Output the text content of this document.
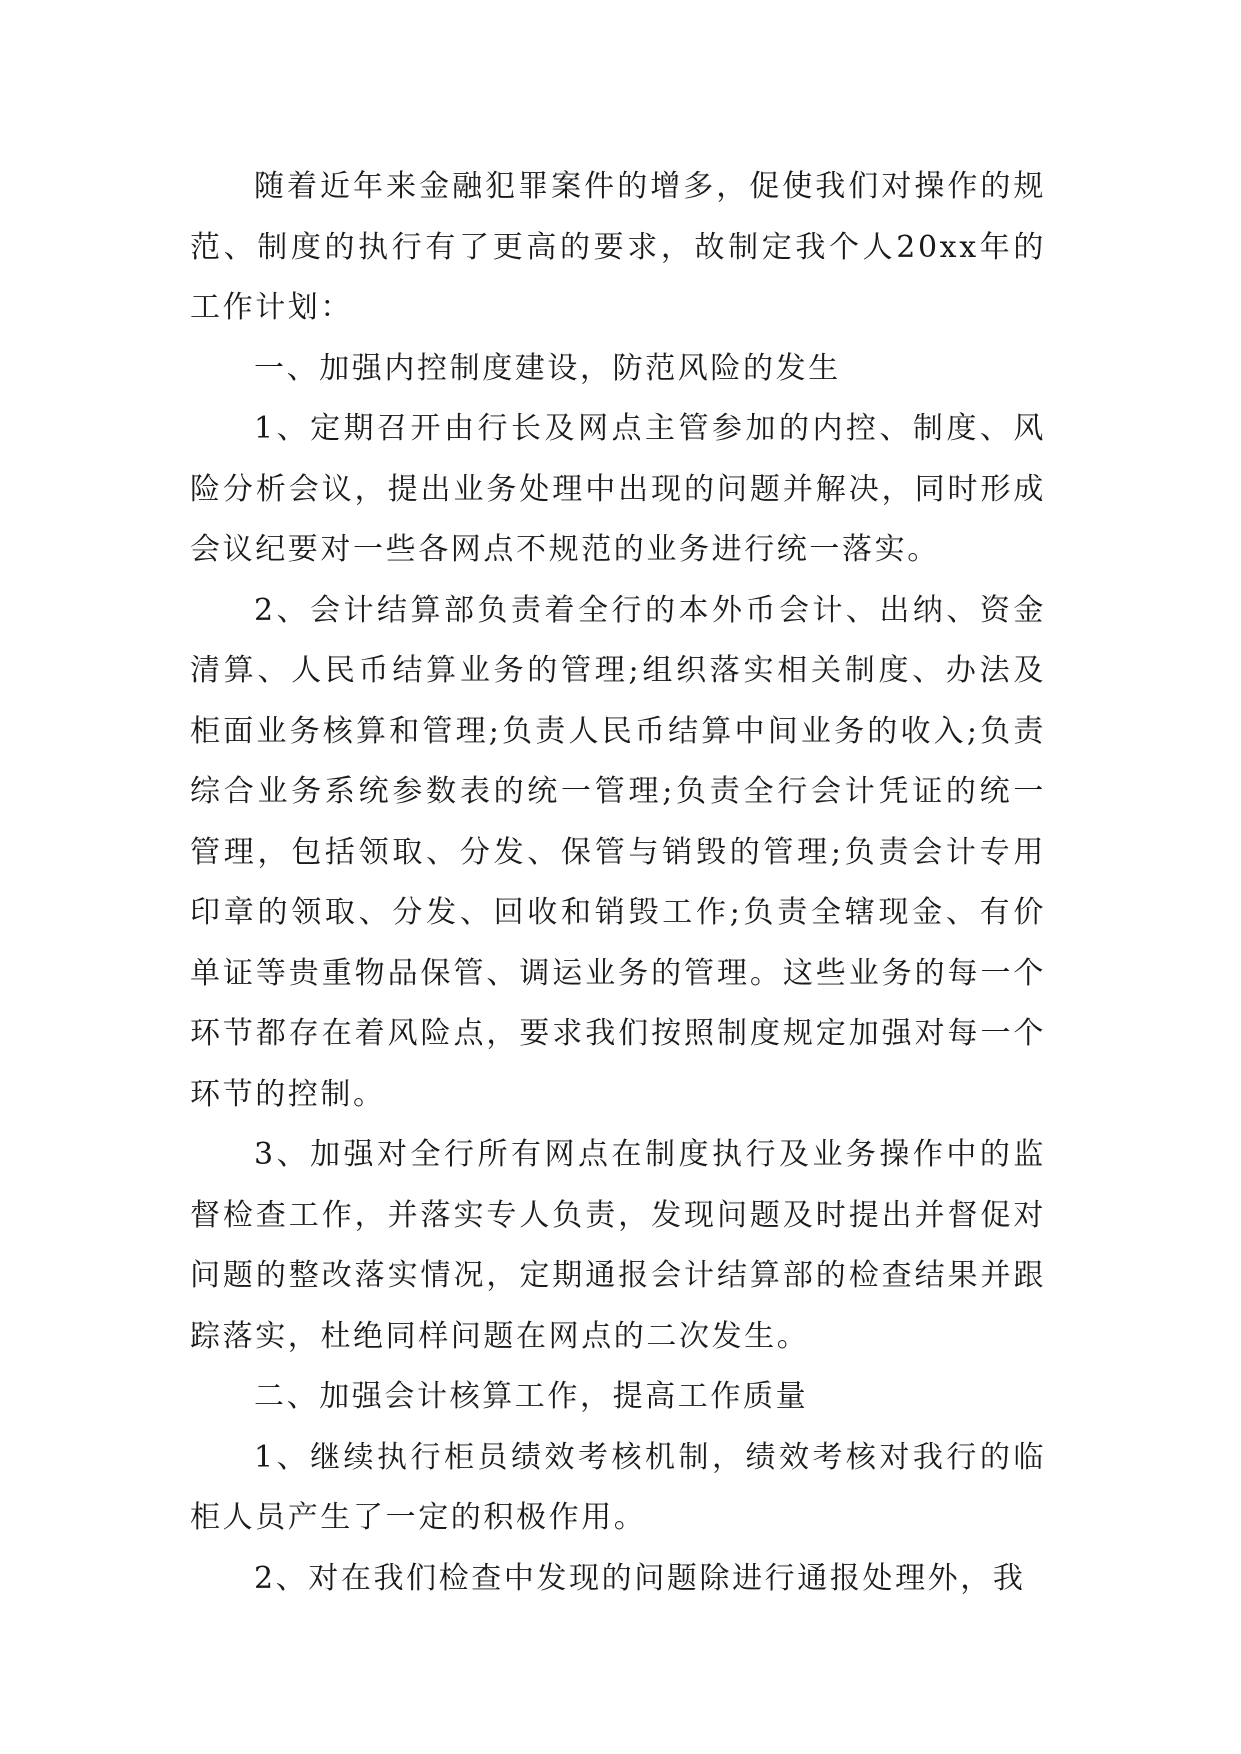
随着近年来金融犯罪案件的增多，促使我们对操作的规范、制度的执行有了更高的要求，故制定我个人20xx年的工作计划：

一、加强内控制度建设，防范风险的发生

1、定期召开由行长及网点主管参加的内控、制度、风险分析会议，提出业务处理中出现的问题并解决，同时形成会议纪要对一些各网点不规范的业务进行统一落实。

2、会计结算部负责着全行的本外币会计、出纳、资金清算、人民币结算业务的管理;组织落实相关制度、办法及柜面业务核算和管理;负责人民币结算中间业务的收入;负责综合业务系统参数表的统一管理;负责全行会计凭证的统一管理，包括领取、分发、保管与销毁的管理;负责会计专用印章的领取、分发、回收和销毁工作;负责全辖现金、有价单证等贵重物品保管、调运业务的管理。这些业务的每一个环节都存在着风险点，要求我们按照制度规定加强对每一个环节的控制。

3、加强对全行所有网点在制度执行及业务操作中的监督检查工作，并落实专人负责，发现问题及时提出并督促对问题的整改落实情况，定期通报会计结算部的检查结果并跟踪落实，杜绝同样问题在网点的二次发生。

二、加强会计核算工作，提高工作质量

1、继续执行柜员绩效考核机制，绩效考核对我行的临柜人员产生了一定的积极作用。

2、对在我们检查中发现的问题除进行通报处理外，我
